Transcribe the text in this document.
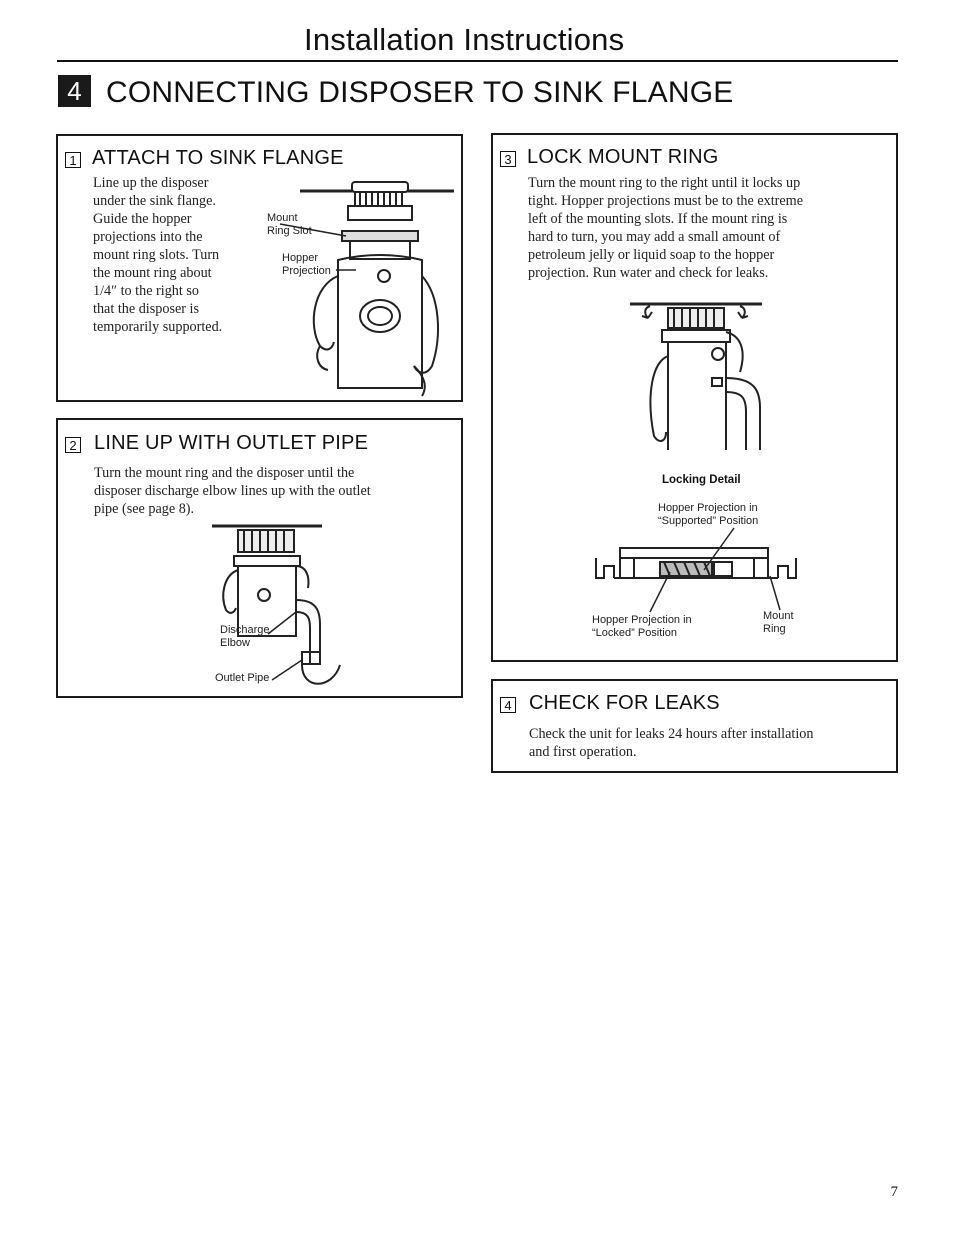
Installation Instructions
4 CONNECTING DISPOSER TO SINK FLANGE
1 ATTACH TO SINK FLANGE
Line up the disposer
under the sink flange.
Guide the hopper
projections into the
mount ring slots. Turn
the mount ring about
1/4″ to the right so
that the disposer is
temporarily supported.
Mount
Ring Slot
Hopper
Projection
2 LINE UP WITH OUTLET PIPE
Turn the mount ring and the disposer until the
disposer discharge elbow lines up with the outlet
pipe (see page 8).
Discharge
Elbow
Outlet Pipe
3 LOCK MOUNT RING
Turn the mount ring to the right until it locks up
tight. Hopper projections must be to the extreme
left of the mounting slots. If the mount ring is
hard to turn, you may add a small amount of
petroleum jelly or liquid soap to the hopper
projection. Run water and check for leaks.
Locking Detail
Hopper Projection in
“Supported” Position
Hopper Projection in
“Locked” Position
Mount
Ring
4 CHECK FOR LEAKS
Check the unit for leaks 24 hours after installation
and first operation.
7
